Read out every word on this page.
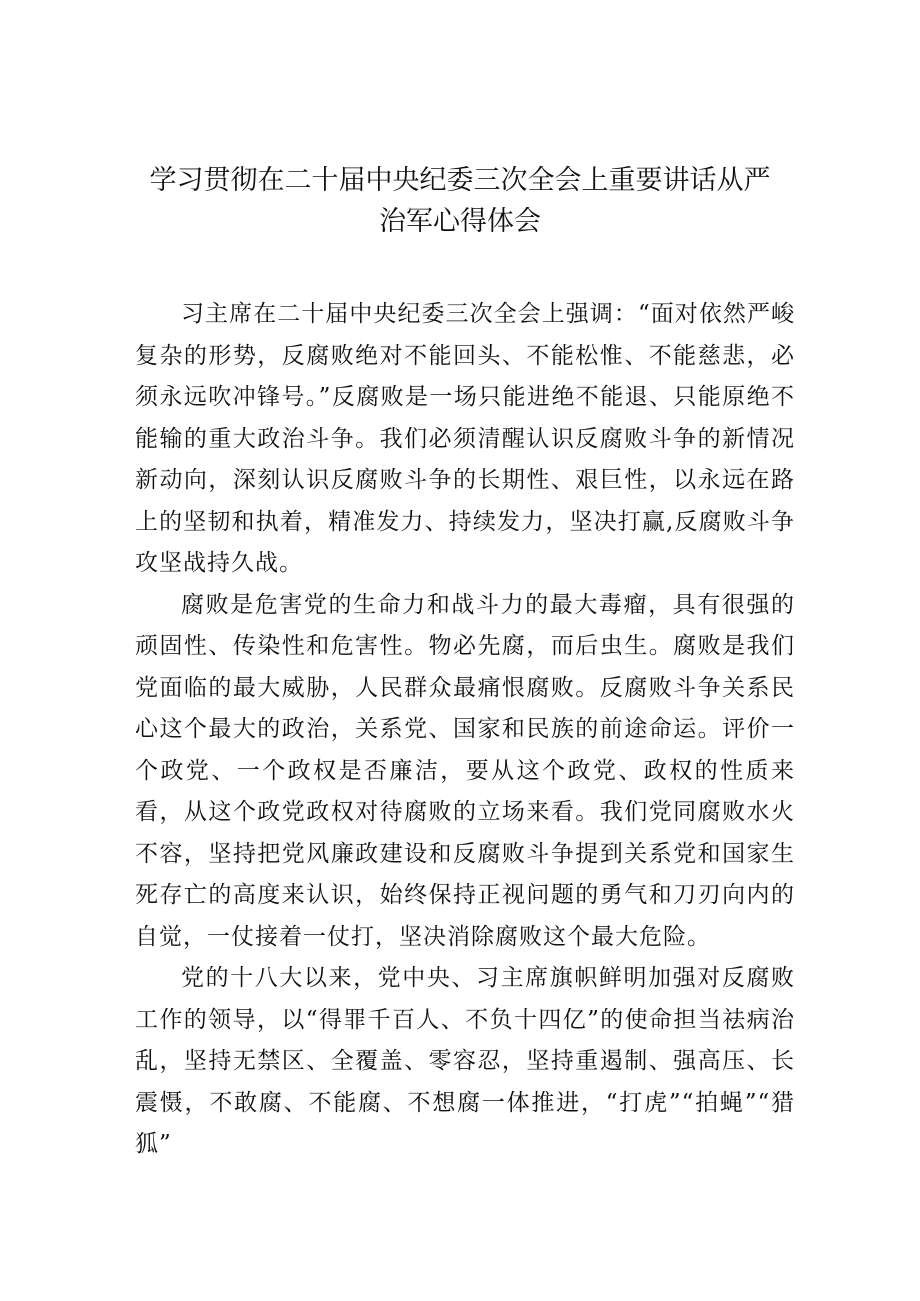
学习贯彻在二十届中央纪委三次全会上重要讲话从严
治军心得体会

习主席在二十届中央纪委三次全会上强调：“面对依然严峻复杂的形势，反腐败绝对不能回头、不能松惟、不能慈悲，必须永远吹冲锋号。”反腐败是一场只能进绝不能退、只能原绝不能输的重大政治斗争。我们必须清醒认识反腐败斗争的新情况新动向，深刻认识反腐败斗争的长期性、艰巨性，以永远在路上的坚韧和执着，精准发力、持续发力，坚决打赢,反腐败斗争攻坚战持久战。

腐败是危害党的生命力和战斗力的最大毒瘤，具有很强的顽固性、传染性和危害性。物必先腐，而后虫生。腐败是我们党面临的最大威胁，人民群众最痛恨腐败。反腐败斗争关系民心这个最大的政治，关系党、国家和民族的前途命运。评价一个政党、一个政权是否廉洁，要从这个政党、政权的性质来看，从这个政党政权对待腐败的立场来看。我们党同腐败水火不容，坚持把党风廉政建设和反腐败斗争提到关系党和国家生死存亡的高度来认识，始终保持正视问题的勇气和刀刃向内的自觉，一仗接着一仗打，坚决消除腐败这个最大危险。

党的十八大以来，党中央、习主席旗帜鲜明加强对反腐败工作的领导，以“得罪千百人、不负十四亿”的使命担当祛病治乱，坚持无禁区、全覆盖、零容忍，坚持重遏制、强高压、长震慑，不敢腐、不能腐、不想腐一体推进，“打虎”“拍蝇”“猎狐”
